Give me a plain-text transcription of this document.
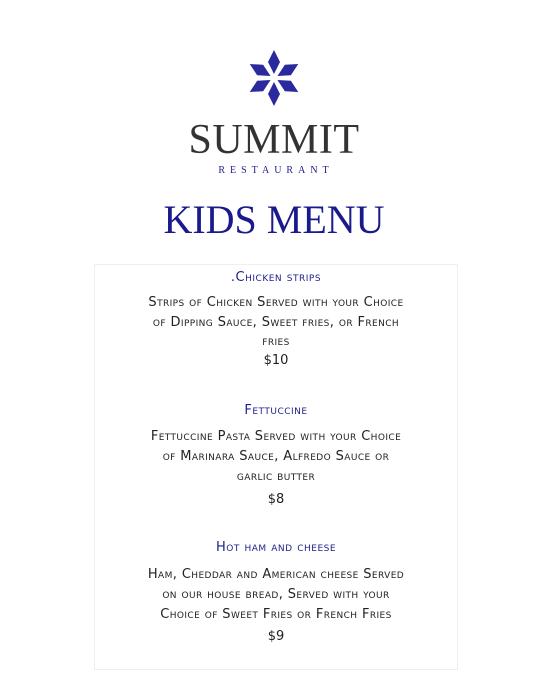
SUMMIT
RESTAURANT
KIDS MENU
.Chicken strips
Strips of Chicken Served with your Choice
of Dipping Sauce, Sweet fries, or French
fries
$10
Fettuccine
Fettuccine Pasta Served with your Choice
of Marinara Sauce, Alfredo Sauce or
garlic butter
$8
Hot ham and cheese
Ham, Cheddar and American cheese Served
on our house bread, Served with your
Choice of Sweet Fries or French Fries
$9
